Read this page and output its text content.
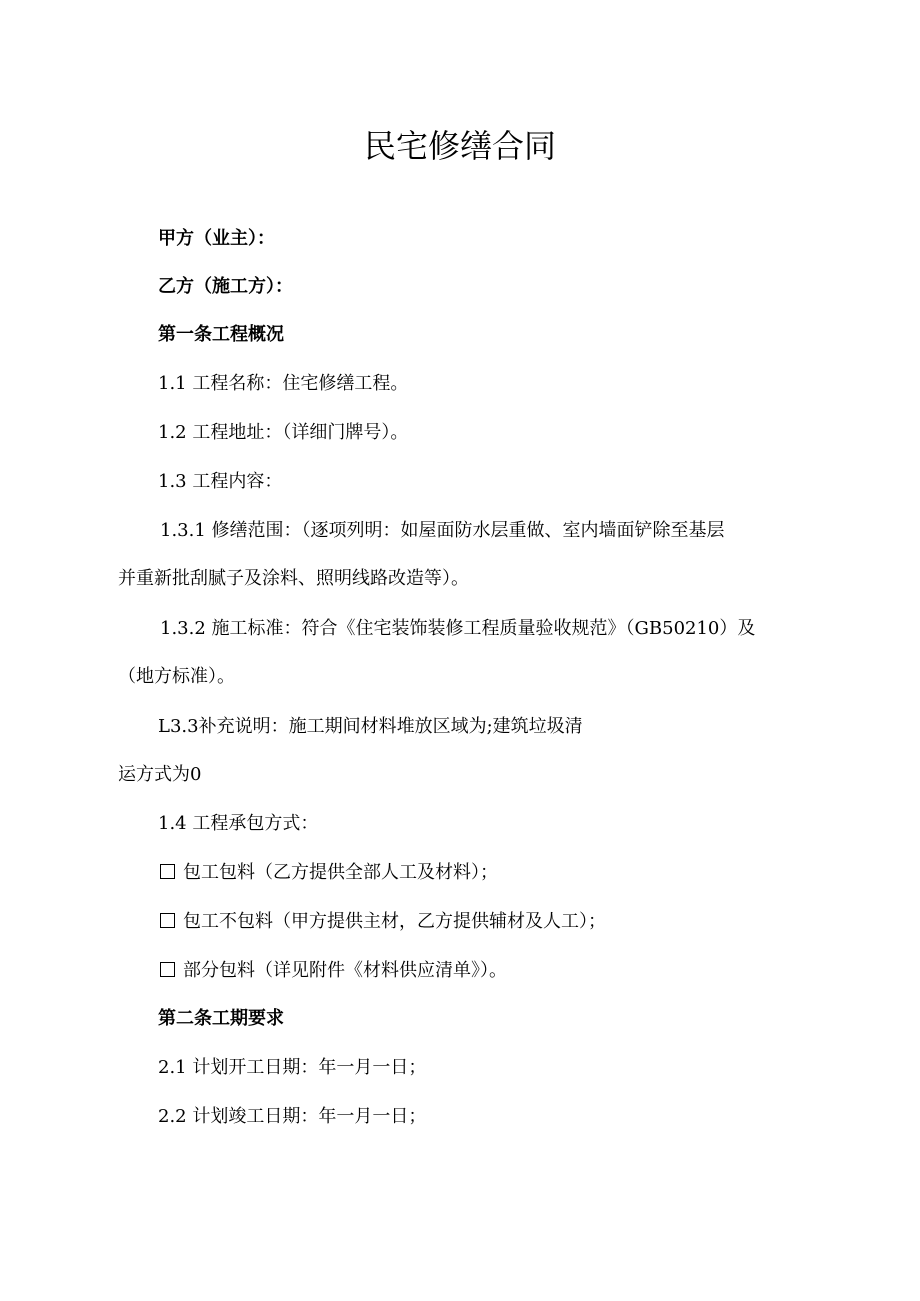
民宅修缮合同

甲方（业主）：

乙方（施工方）：

第一条工程概况

1.1 工程名称：住宅修缮工程。

1.2 工程地址：（详细门牌号）。

1.3 工程内容：

1.3.1 修缮范围：（逐项列明：如屋面防水层重做、室内墙面铲除至基层

并重新批刮腻子及涂料、照明线路改造等）。

1.3.2 施工标准：符合《住宅装饰装修工程质量验收规范》（GB50210）及

（地方标准）。

L3.3补充说明：施工期间材料堆放区域为;建筑垃圾清

运方式为0

1.4 工程承包方式：

包工包料（乙方提供全部人工及材料）；

包工不包料（甲方提供主材，乙方提供辅材及人工）；

部分包料（详见附件《材料供应清单》）。

第二条工期要求

2.1 计划开工日期：年一月一日；

2.2 计划竣工日期：年一月一日；
